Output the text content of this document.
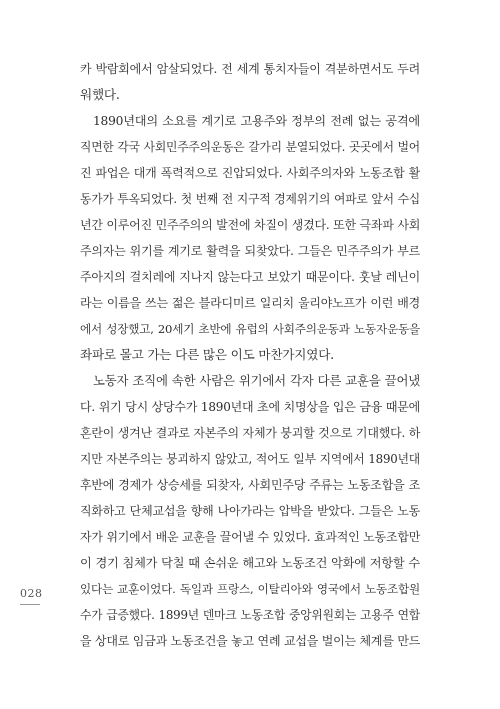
카 박람회에서 암살되었다. 전 세계 통치자들이 격분하면서도 두려
워했다.
1890년대의 소요를 계기로 고용주와 정부의 전례 없는 공격에
직면한 각국 사회민주주의운동은 갈가리 분열되었다. 곳곳에서 벌어
진 파업은 대개 폭력적으로 진압되었다. 사회주의자와 노동조합 활
동가가 투옥되었다. 첫 번째 전 지구적 경제위기의 여파로 앞서 수십
년간 이루어진 민주주의의 발전에 차질이 생겼다. 또한 극좌파 사회
주의자는 위기를 계기로 활력을 되찾았다. 그들은 민주주의가 부르
주아지의 걸치레에 지나지 않는다고 보았기 때문이다. 훗날 레닌이
라는 이름을 쓰는 젊은 블라디미르 일리치 울리야노프가 이런 배경
에서 성장했고, 20세기 초반에 유럽의 사회주의운동과 노동자운동을
좌파로 몰고 가는 다른 많은 이도 마찬가지였다.
노동자 조직에 속한 사람은 위기에서 각자 다른 교훈을 끌어냈
다. 위기 당시 상당수가 1890년대 초에 치명상을 입은 금융 때문에
혼란이 생겨난 결과로 자본주의 자체가 붕괴할 것으로 기대했다. 하
지만 자본주의는 붕괴하지 않았고, 적어도 일부 지역에서 1890년대
후반에 경제가 상승세를 되찾자, 사회민주당 주류는 노동조합을 조
직화하고 단체교섭을 향해 나아가라는 압박을 받았다. 그들은 노동
자가 위기에서 배운 교훈을 끌어낼 수 있었다. 효과적인 노동조합만
이 경기 침체가 닥칠 때 손쉬운 해고와 노동조건 악화에 저항할 수
있다는 교훈이었다. 독일과 프랑스, 이탈리아와 영국에서 노동조합원
수가 급증했다. 1899년 덴마크 노동조합 중앙위원회는 고용주 연합
을 상대로 임금과 노동조건을 놓고 연례 교섭을 벌이는 체계를 만드
028
